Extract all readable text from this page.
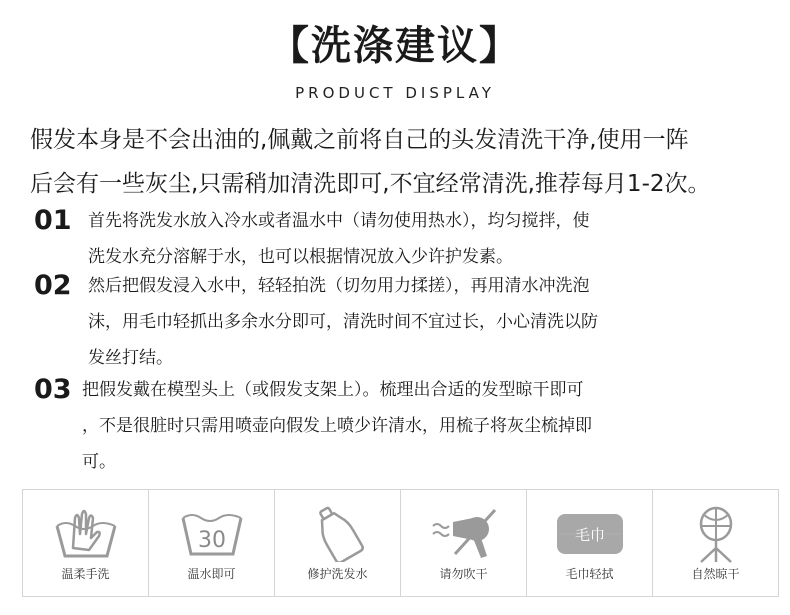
【洗涤建议】
PRODUCT DISPLAY
假发本身是不会出油的,佩戴之前将自己的头发清洗干净,使用一阵
后会有一些灰尘,只需稍加清洗即可,不宜经常清洗,推荐每月1-2次。
01 首先将洗发水放入冷水或者温水中（请勿使用热水），均匀搅拌，使
洗发水充分溶解于水，也可以根据情况放入少许护发素。
02 然后把假发浸入水中，轻轻拍洗（切勿用力揉搓），再用清水冲洗泡
沫，用毛巾轻抓出多余水分即可，清洗时间不宜过长，小心清洗以防
发丝打结。
03 把假发戴在模型头上（或假发支架上）。梳理出合适的发型晾干即可
，不是很脏时只需用喷壶向假发上喷少许清水，用梳子将灰尘梳掉即
可。
温柔手洗
30
温水即可	修护洗发水	请勿吹干
毛巾
毛巾轻拭	自然晾干
